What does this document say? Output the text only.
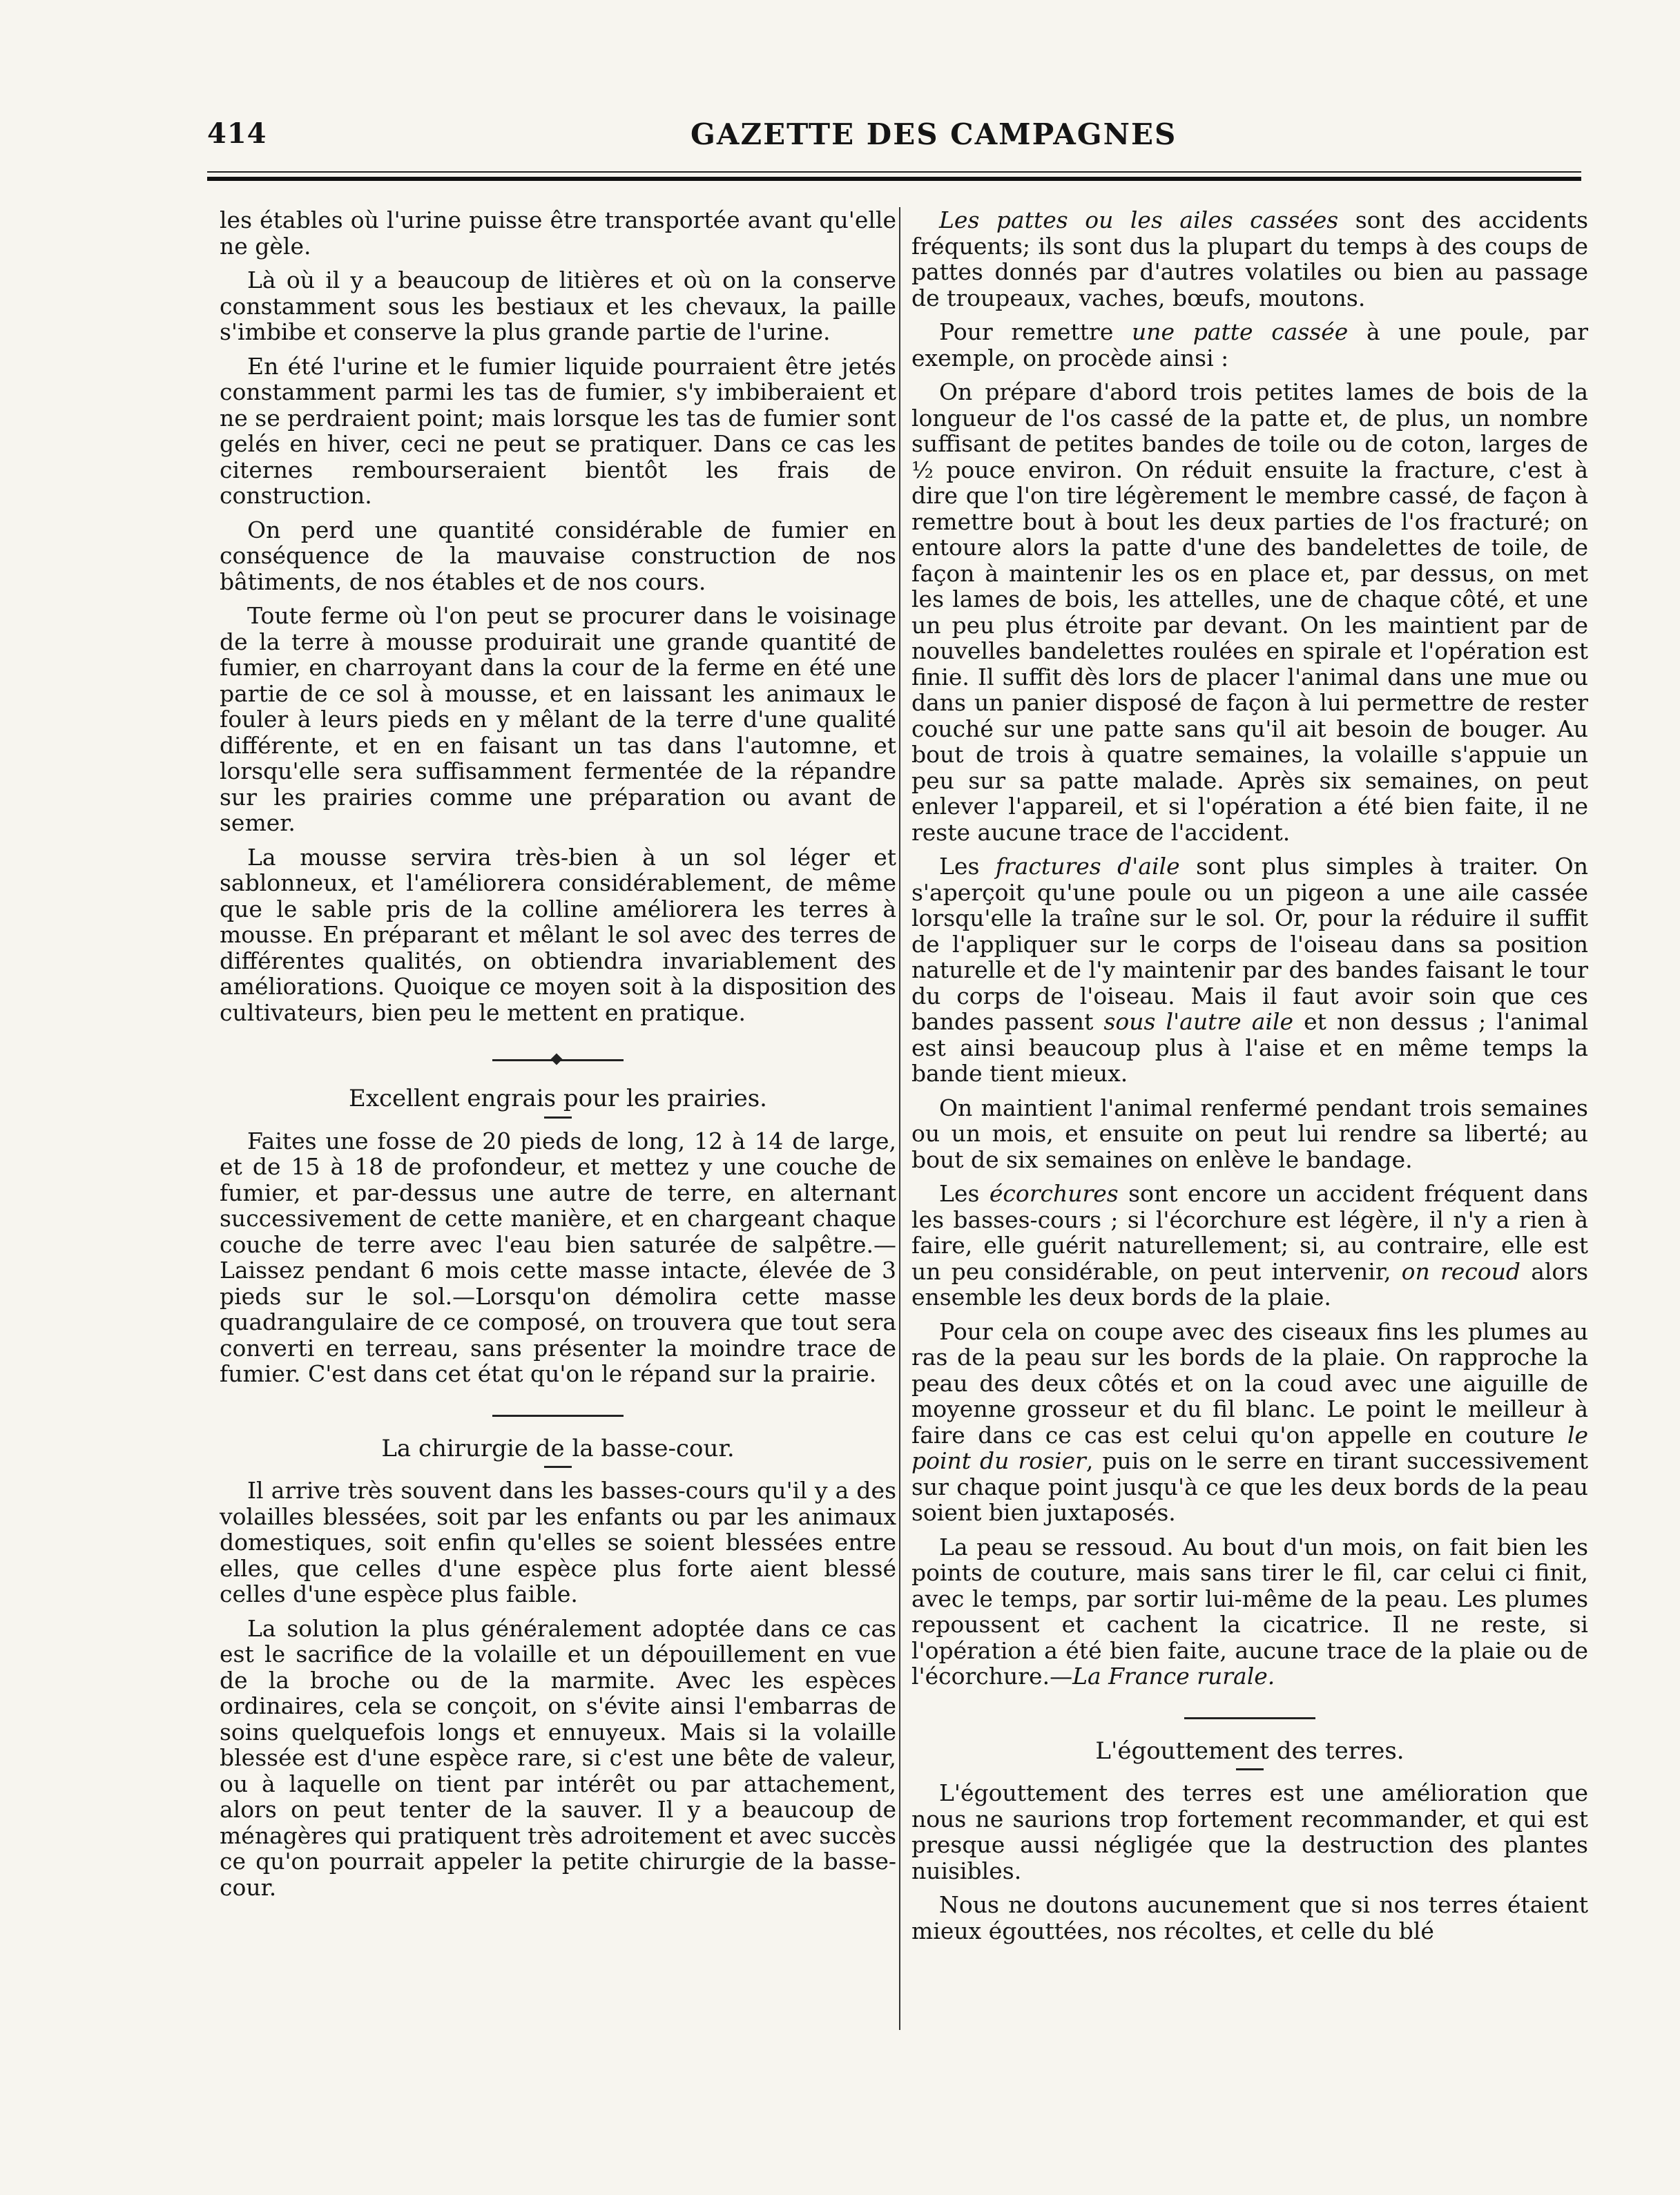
414	GAZETTE DES CAMPAGNES

les étables où l'urine puisse être transportée avant qu'elle ne gèle.

Là où il y a beaucoup de litières et où on la conserve constamment sous les bestiaux et les chevaux, la paille s'imbibe et conserve la plus grande partie de l'urine.

En été l'urine et le fumier liquide pourraient être jetés constamment parmi les tas de fumier, s'y imbiberaient et ne se perdraient point; mais lorsque les tas de fumier sont gelés en hiver, ceci ne peut se pratiquer. Dans ce cas les citernes rembourseraient bientôt les frais de construction.

On perd une quantité considérable de fumier en conséquence de la mauvaise construction de nos bâtiments, de nos étables et de nos cours.

Toute ferme où l'on peut se procurer dans le voisinage de la terre à mousse produirait une grande quantité de fumier, en charroyant dans la cour de la ferme en été une partie de ce sol à mousse, et en laissant les animaux le fouler à leurs pieds en y mêlant de la terre d'une qualité différente, et en en faisant un tas dans l'automne, et lorsqu'elle sera suffisamment fermentée de la répandre sur les prairies comme une préparation ou avant de semer.

La mousse servira très-bien à un sol léger et sablonneux, et l'améliorera considérablement, de même que le sable pris de la colline améliorera les terres à mousse. En préparant et mêlant le sol avec des terres de différentes qualités, on obtiendra invariablement des améliorations. Quoique ce moyen soit à la disposition des cultivateurs, bien peu le mettent en pratique.

Excellent engrais pour les prairies.

Faites une fosse de 20 pieds de long, 12 à 14 de large, et de 15 à 18 de profondeur, et mettez y une couche de fumier, et par-dessus une autre de terre, en alternant successivement de cette manière, et en chargeant chaque couche de terre avec l'eau bien saturée de salpêtre.—Laissez pendant 6 mois cette masse intacte, élevée de 3 pieds sur le sol.—Lorsqu'on démolira cette masse quadrangulaire de ce composé, on trouvera que tout sera converti en terreau, sans présenter la moindre trace de fumier. C'est dans cet état qu'on le répand sur la prairie.

La chirurgie de la basse-cour.

Il arrive très souvent dans les basses-cours qu'il y a des volailles blessées, soit par les enfants ou par les animaux domestiques, soit enfin qu'elles se soient blessées entre elles, que celles d'une espèce plus forte aient blessé celles d'une espèce plus faible.

La solution la plus généralement adoptée dans ce cas est le sacrifice de la volaille et un dépouillement en vue de la broche ou de la marmite. Avec les espèces ordinaires, cela se conçoit, on s'évite ainsi l'embarras de soins quelquefois longs et ennuyeux. Mais si la volaille blessée est d'une espèce rare, si c'est une bête de valeur, ou à laquelle on tient par intérêt ou par attachement, alors on peut tenter de la sauver. Il y a beaucoup de ménagères qui pratiquent très adroitement et avec succès ce qu'on pourrait appeler la petite chirurgie de la basse-cour.

Les pattes ou les ailes cassées sont des accidents fréquents; ils sont dus la plupart du temps à des coups de pattes donnés par d'autres volatiles ou bien au passage de troupeaux, vaches, bœufs, moutons.

Pour remettre une patte cassée à une poule, par exemple, on procède ainsi :

On prépare d'abord trois petites lames de bois de la longueur de l'os cassé de la patte et, de plus, un nombre suffisant de petites bandes de toile ou de coton, larges de ½ pouce environ. On réduit ensuite la fracture, c'est à dire que l'on tire légèrement le membre cassé, de façon à remettre bout à bout les deux parties de l'os fracturé; on entoure alors la patte d'une des bandelettes de toile, de façon à maintenir les os en place et, par dessus, on met les lames de bois, les attelles, une de chaque côté, et une un peu plus étroite par devant. On les maintient par de nouvelles bandelettes roulées en spirale et l'opération est finie. Il suffit dès lors de placer l'animal dans une mue ou dans un panier disposé de façon à lui permettre de rester couché sur une patte sans qu'il ait besoin de bouger. Au bout de trois à quatre semaines, la volaille s'appuie un peu sur sa patte malade. Après six semaines, on peut enlever l'appareil, et si l'opération a été bien faite, il ne reste aucune trace de l'accident.

Les fractures d'aile sont plus simples à traiter. On s'aperçoit qu'une poule ou un pigeon a une aile cassée lorsqu'elle la traîne sur le sol. Or, pour la réduire il suffit de l'appliquer sur le corps de l'oiseau dans sa position naturelle et de l'y maintenir par des bandes faisant le tour du corps de l'oiseau. Mais il faut avoir soin que ces bandes passent sous l'autre aile et non dessus ; l'animal est ainsi beaucoup plus à l'aise et en même temps la bande tient mieux.

On maintient l'animal renfermé pendant trois semaines ou un mois, et ensuite on peut lui rendre sa liberté; au bout de six semaines on enlève le bandage.

Les écorchures sont encore un accident fréquent dans les basses-cours ; si l'écorchure est légère, il n'y a rien à faire, elle guérit naturellement; si, au contraire, elle est un peu considérable, on peut intervenir, on recoud alors ensemble les deux bords de la plaie.

Pour cela on coupe avec des ciseaux fins les plumes au ras de la peau sur les bords de la plaie. On rapproche la peau des deux côtés et on la coud avec une aiguille de moyenne grosseur et du fil blanc. Le point le meilleur à faire dans ce cas est celui qu'on appelle en couture le point du rosier, puis on le serre en tirant successivement sur chaque point jusqu'à ce que les deux bords de la peau soient bien juxtaposés.

La peau se ressoud. Au bout d'un mois, on fait bien les points de couture, mais sans tirer le fil, car celui ci finit, avec le temps, par sortir lui-même de la peau. Les plumes repoussent et cachent la cicatrice. Il ne reste, si l'opération a été bien faite, aucune trace de la plaie ou de l'écorchure.—La France rurale.

L'égouttement des terres.

L'égouttement des terres est une amélioration que nous ne saurions trop fortement recommander, et qui est presque aussi négligée que la destruction des plantes nuisibles.

Nous ne doutons aucunement que si nos terres étaient mieux égouttées, nos récoltes, et celle du blé
